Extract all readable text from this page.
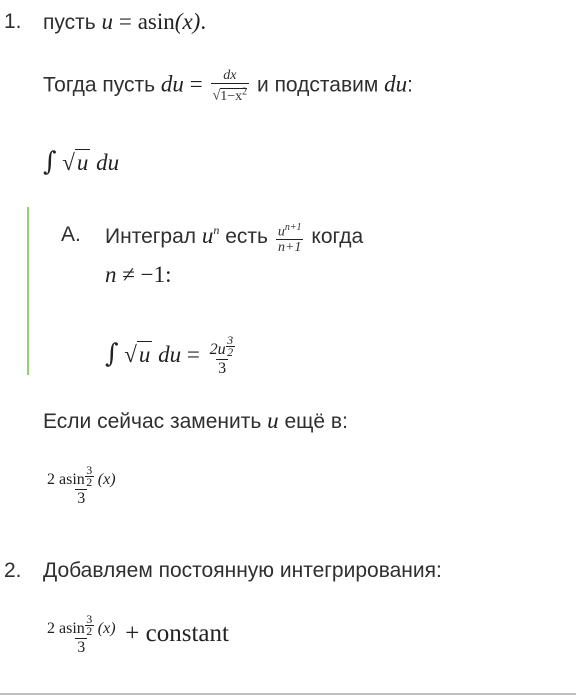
1. пусть u = asin(x).
Тогда пусть du = $\frac{dx}{√1-x^2}$ и подставим du:
∫ √u du
A. Интеграл $u^n$ есть $\frac{u^{n+1}}{n+1}$ когда
n ≠ −1:
∫ √u du = $\frac{2u \frac{3}{2}}{3}$
Если сейчас заменить u ещё в:
$\frac{2 asin \frac{3}{2} (x)}{3}$
2. Добавляем постоянную интегрирования:
$\frac{2 asin \frac{3}{2} (x)}{3}$ + constant
